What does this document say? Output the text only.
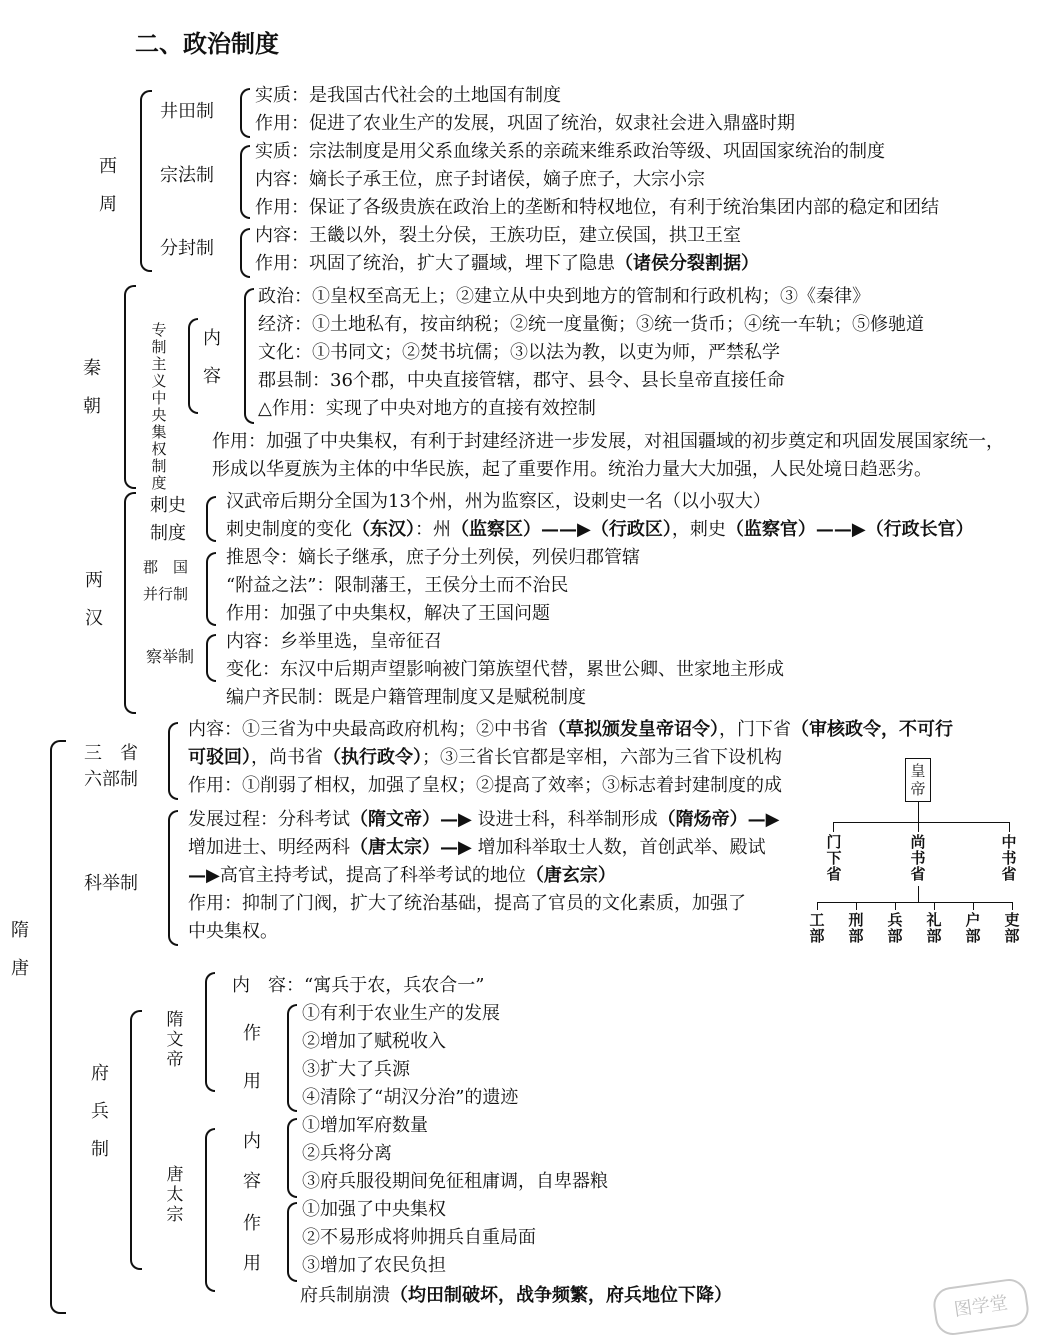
二、政治制度
西周
井田制
实质：是我国古代社会的土地国有制度
作用：促进了农业生产的发展，巩固了统治，奴隶社会进入鼎盛时期
宗法制
实质：宗法制度是用父系血缘关系的亲疏来维系政治等级、巩固国家统治的制度
内容：嫡长子承王位，庶子封诸侯，嫡子庶子，大宗小宗
作用：保证了各级贵族在政治上的垄断和特权地位，有利于统治集团内部的稳定和团结
分封制
内容：王畿以外，裂土分侯，王族功臣，建立侯国，拱卫王室
作用：巩固了统治，扩大了疆域，埋下了隐患（诸侯分裂割据）
秦朝
专制主义中央集权制度
内容
政治：①皇权至高无上；②建立从中央到地方的管制和行政机构；③《秦律》
经济：①土地私有，按亩纳税；②统一度量衡；③统一货币；④统一车轨；⑤修驰道
文化：①书同文；②焚书坑儒；③以法为教，以吏为师，严禁私学
郡县制：36个郡，中央直接管辖，郡守、县令、县长皇帝直接任命
△作用：实现了中央对地方的直接有效控制
作用：加强了中央集权，有利于封建经济进一步发展，对祖国疆域的初步奠定和巩固发展国家统一，
形成以华夏族为主体的中华民族，起了重要作用。统治力量大大加强，人民处境日趋恶劣。
两汉
刺史
制度
汉武帝后期分全国为13个州，州为监察区，设刺史一名（以小驭大）
刺史制度的变化（东汉）：州（监察区）——▶（行政区），刺史（监察官）——▶（行政长官）
郡　国
并行制
推恩令：嫡长子继承，庶子分土列侯，列侯归郡管辖
“附益之法”：限制藩王，王侯分土而不治民
作用：加强了中央集权，解决了王国问题
察举制
内容：乡举里选，皇帝征召
变化：东汉中后期声望影响被门第族望代替，累世公卿、世家地主形成
编户齐民制：既是户籍管理制度又是赋税制度
隋唐
三　省
六部制
内容：①三省为中央最高政府机构；②中书省（草拟颁发皇帝诏令），门下省（审核政令，不可行
可驳回），尚书省（执行政令）；③三省长官都是宰相，六部为三省下设机构
作用：①削弱了相权，加强了皇权；②提高了效率；③标志着封建制度的成
科举制
发展过程：分科考试（隋文帝）—▶ 设进士科，科举制形成（隋炀帝）—▶
增加进士、明经两科（唐太宗）—▶ 增加科举取士人数，首创武举、殿试
—▶高官主持考试，提高了科举考试的地位（唐玄宗）
作用：抑制了门阀，扩大了统治基础，提高了官员的文化素质，加强了
中央集权。
府兵制
隋文帝
内　容：“寓兵于农，兵农合一”
作用
①有利于农业生产的发展
②增加了赋税收入
③扩大了兵源
④清除了“胡汉分治”的遗迹
唐太宗
内容
①增加军府数量
②兵将分离
③府兵服役期间免征租庸调，自卑器粮
作用
①加强了中央集权
②不易形成将帅拥兵自重局面
③增加了农民负担
府兵制崩溃（均田制破坏，战争频繁，府兵地位下降）
皇帝
门下省
尚书省
中书省
工部
刑部
兵部
礼部
户部
吏部
图学堂
